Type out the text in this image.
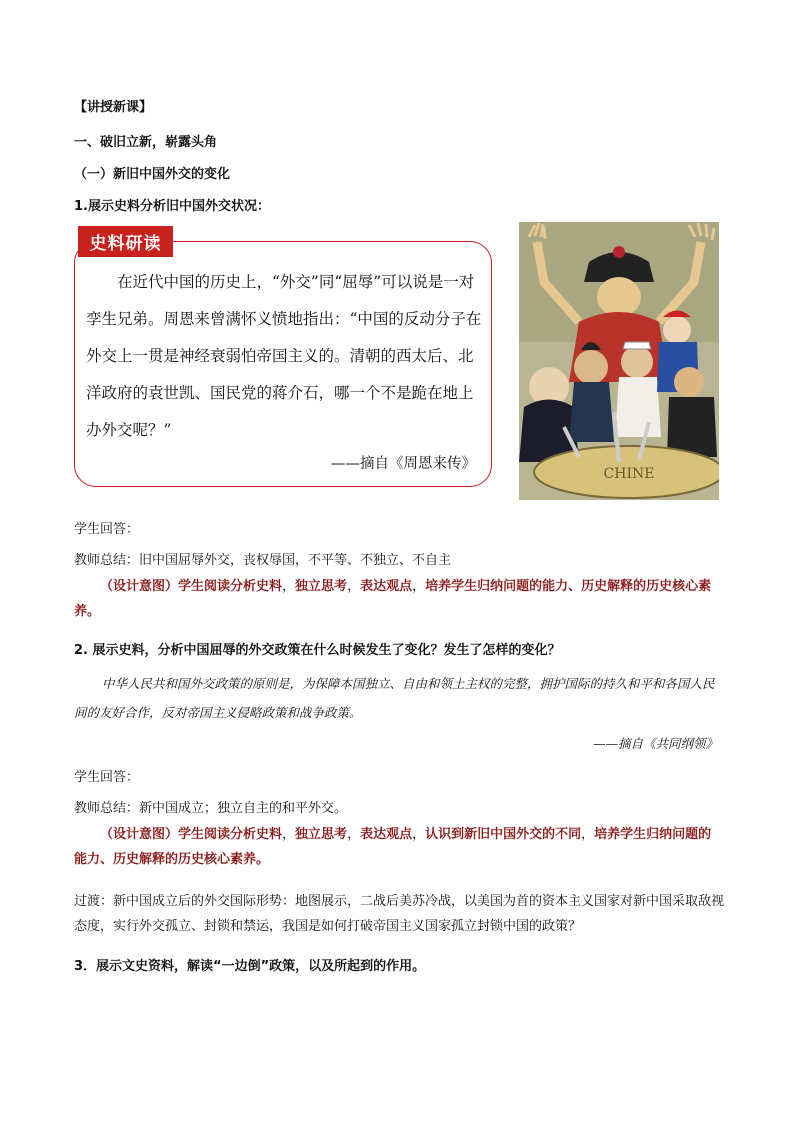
【讲授新课】
一、破旧立新，崭露头角
（一）新旧中国外交的变化
1.展示史料分析旧中国外交状况：
史料研读
在近代中国的历史上，“外交”同“屈辱”可以说是一对孪生兄弟。周恩来曾满怀义愤地指出：“中国的反动分子在外交上一贯是神经衰弱怕帝国主义的。清朝的西太后、北洋政府的袁世凯、国民党的蒋介石，哪一个不是跪在地上办外交呢？”
——摘自《周恩来传》
CHINE
学生回答：
教师总结：旧中国屈辱外交，丧权辱国，不平等、不独立、不自主
（设计意图）学生阅读分析史料，独立思考，表达观点，培养学生归纳问题的能力、历史解释的历史核心素养。
2. 展示史料，分析中国屈辱的外交政策在什么时候发生了变化？发生了怎样的变化？
中华人民共和国外交政策的原则是，为保障本国独立、自由和领土主权的完整，拥护国际的持久和平和各国人民间的友好合作，反对帝国主义侵略政策和战争政策。
——摘自《共同纲领》
学生回答：
教师总结：新中国成立；独立自主的和平外交。
（设计意图）学生阅读分析史料，独立思考，表达观点，认识到新旧中国外交的不同，培养学生归纳问题的能力、历史解释的历史核心素养。
过渡：新中国成立后的外交国际形势：地图展示，二战后美苏冷战，以美国为首的资本主义国家对新中国采取敌视态度，实行外交孤立、封锁和禁运，我国是如何打破帝国主义国家孤立封锁中国的政策？
3．展示文史资料，解读“一边倒”政策，以及所起到的作用。
